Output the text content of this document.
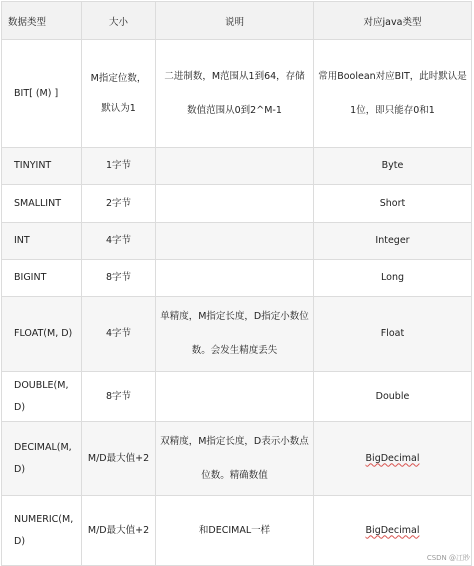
数据类型	大小	说明	对应java类型
BIT[ (M) ]	M指定位数，默认为1	二进制数，M范围从1到64，存储数值范围从0到2^M-1	常用Boolean对应BIT，此时默认是1位，即只能存0和1
TINYINT	1字节		Byte
SMALLINT	2字节		Short
INT	4字节		Integer
BIGINT	8字节		Long
FLOAT(M, D)	4字节	单精度，M指定长度，D指定小数位数。会发生精度丢失	Float
DOUBLE(M, D)	8字节		Double
DECIMAL(M, D)	M/D最大值+2	双精度，M指定长度，D表示小数点位数。精确数值	BigDecimal
NUMERIC(M, D)	M/D最大值+2	和DECIMAL一样	BigDecimal
CSDN @冮眇
